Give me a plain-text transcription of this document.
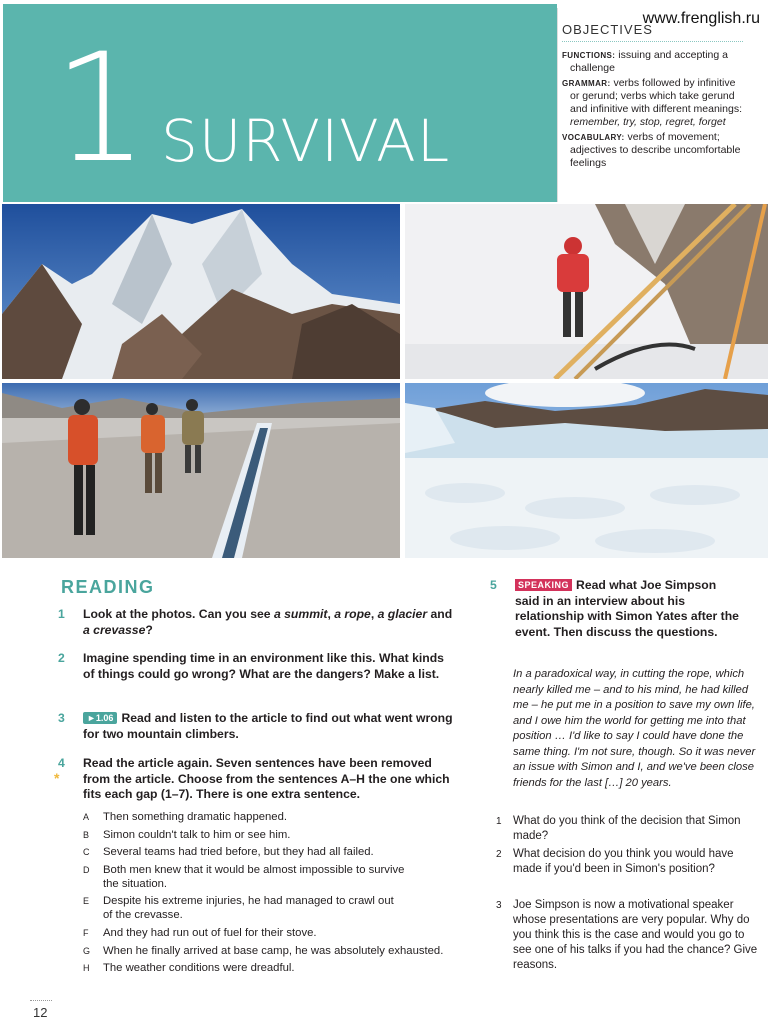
1 SURVIVAL
OBJECTIVES
FUNCTIONS: issuing and accepting a challenge
GRAMMAR: verbs followed by infinitive or gerund; verbs which take gerund and infinitive with different meanings: remember, try, stop, regret, forget
VOCABULARY: verbs of movement; adjectives to describe uncomfortable feelings
www.frenglish.ru
READING
1 Look at the photos. Can you see a summit, a rope, a glacier and a crevasse?
2 Imagine spending time in an environment like this. What kinds of things could go wrong? What are the dangers? Make a list.
3	►1.06 Read and listen to the article to find out what went wrong for two mountain climbers.
4
*
Read the article again. Seven sentences have been removed from the article. Choose from the sentences A–H the one which fits each gap (1–7). There is one extra sentence.
A Then something dramatic happened.
B Simon couldn't talk to him or see him.
C Several teams had tried before, but they had all failed.
D Both men knew that it would be almost impossible to survive the situation.
E Despite his extreme injuries, he had managed to crawl out of the crevasse.
F And they had run out of fuel for their stove.
G When he finally arrived at base camp, he was absolutely exhausted.
H The weather conditions were dreadful.
5	SPEAKING Read what Joe Simpson said in an interview about his relationship with Simon Yates after the event. Then discuss the questions.
In a paradoxical way, in cutting the rope, which nearly killed me – and to his mind, he had killed me – he put me in a position to save my own life, and I owe him the world for getting me into that position … I'd like to say I could have done the same thing. I'm not sure, though. So it was never an issue with Simon and I, and we've been close friends for the last […] 20 years.
1 What do you think of the decision that Simon made?
2 What decision do you think you would have made if you'd been in Simon's position?
3 Joe Simpson is now a motivational speaker whose presentations are very popular. Why do you think this is the case and would you go to see one of his talks if you had the chance? Give reasons.
12
